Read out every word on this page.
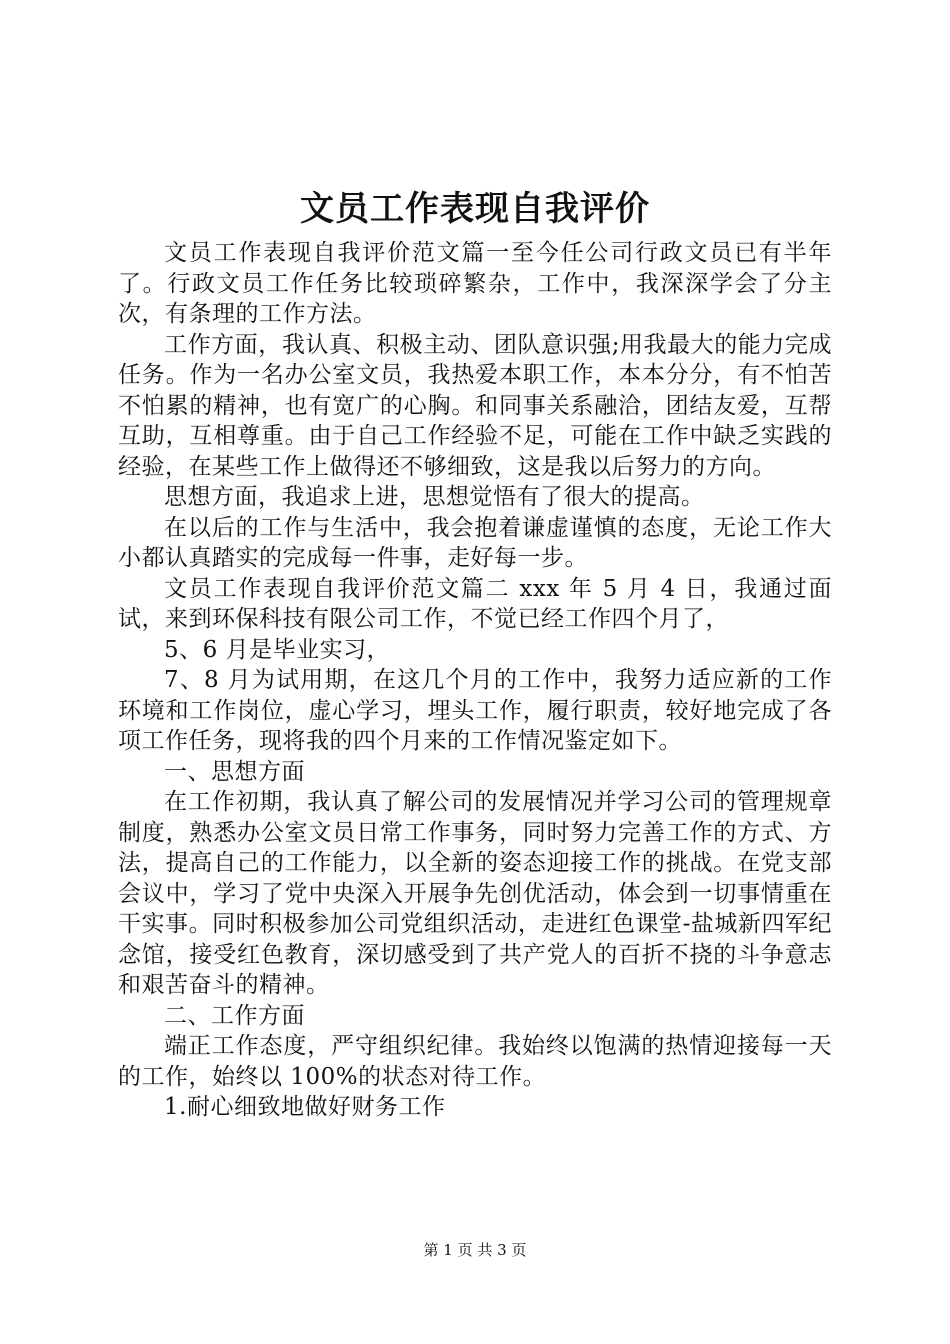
文员工作表现自我评价

文员工作表现自我评价范文篇一至今任公司行政文员已有半年了。行政文员工作任务比较琐碎繁杂，工作中，我深深学会了分主次，有条理的工作方法。

工作方面，我认真、积极主动、团队意识强;用我最大的能力完成任务。作为一名办公室文员，我热爱本职工作，本本分分，有不怕苦不怕累的精神，也有宽广的心胸。和同事关系融洽，团结友爱，互帮互助，互相尊重。由于自己工作经验不足，可能在工作中缺乏实践的经验，在某些工作上做得还不够细致，这是我以后努力的方向。

思想方面，我追求上进，思想觉悟有了很大的提高。

在以后的工作与生活中，我会抱着谦虚谨慎的态度，无论工作大小都认真踏实的完成每一件事，走好每一步。

文员工作表现自我评价范文篇二 xxx 年 5 月 4 日，我通过面试，来到环保科技有限公司工作，不觉已经工作四个月了，

5、6 月是毕业实习，

7、8 月为试用期，在这几个月的工作中，我努力适应新的工作环境和工作岗位，虚心学习，埋头工作，履行职责，较好地完成了各项工作任务，现将我的四个月来的工作情况鉴定如下。

一、思想方面

在工作初期，我认真了解公司的发展情况并学习公司的管理规章制度，熟悉办公室文员日常工作事务，同时努力完善工作的方式、方法，提高自己的工作能力，以全新的姿态迎接工作的挑战。在党支部会议中，学习了党中央深入开展争先创优活动，体会到一切事情重在干实事。同时积极参加公司党组织活动，走进红色课堂-盐城新四军纪念馆，接受红色教育，深切感受到了共产党人的百折不挠的斗争意志和艰苦奋斗的精神。

二、工作方面

端正工作态度，严守组织纪律。我始终以饱满的热情迎接每一天的工作，始终以 100%的状态对待工作。

1.耐心细致地做好财务工作

第 1 页 共 3 页
